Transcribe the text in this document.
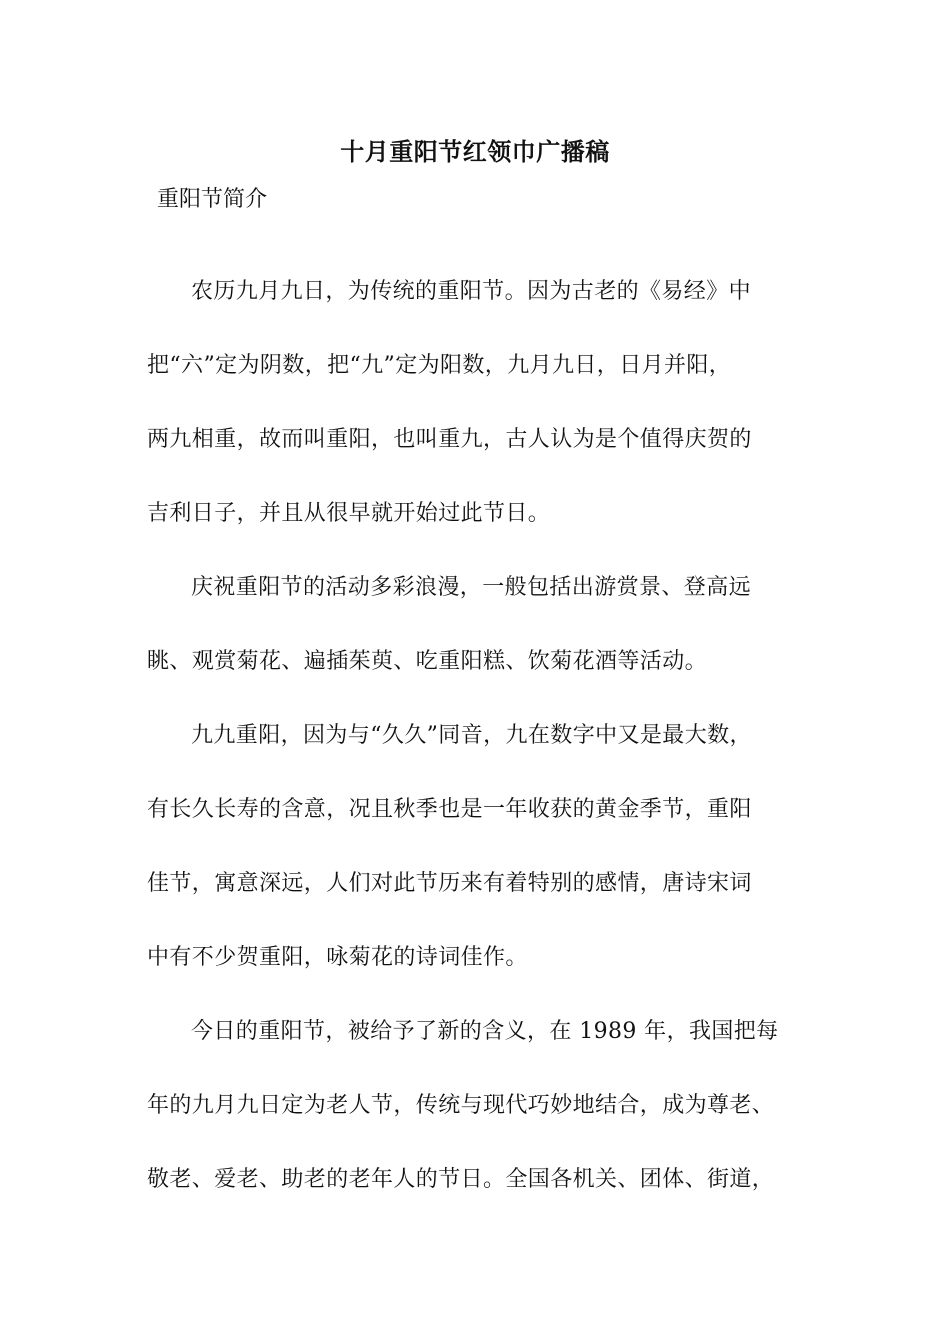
十月重阳节红领巾广播稿
重阳节简介
农历九月九日，为传统的重阳节。因为古老的《易经》中
把“六”定为阴数，把“九”定为阳数，九月九日，日月并阳，
两九相重，故而叫重阳，也叫重九，古人认为是个值得庆贺的
吉利日子，并且从很早就开始过此节日。
庆祝重阳节的活动多彩浪漫，一般包括出游赏景、登高远
眺、观赏菊花、遍插茱萸、吃重阳糕、饮菊花酒等活动。
九九重阳，因为与“久久”同音，九在数字中又是最大数，
有长久长寿的含意，况且秋季也是一年收获的黄金季节，重阳
佳节，寓意深远，人们对此节历来有着特别的感情，唐诗宋词
中有不少贺重阳，咏菊花的诗词佳作。
今日的重阳节，被给予了新的含义，在 1989 年，我国把每
年的九月九日定为老人节，传统与现代巧妙地结合，成为尊老、
敬老、爱老、助老的老年人的节日。全国各机关、团体、街道，
